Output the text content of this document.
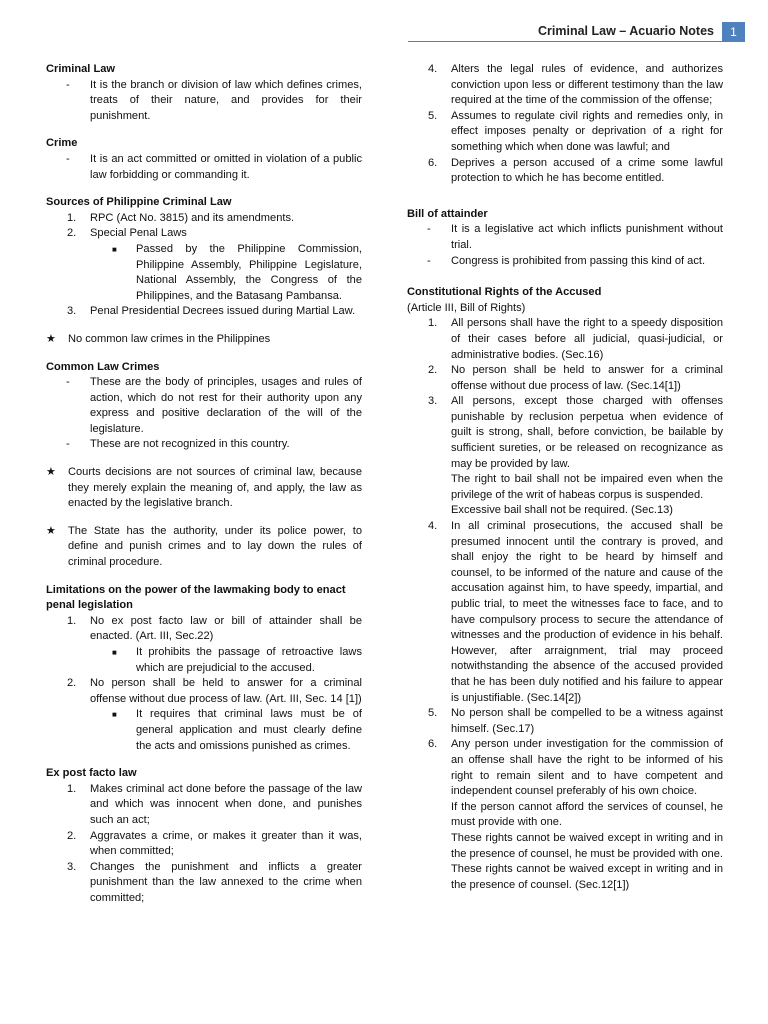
Criminal Law – Acuario Notes	1
Criminal Law
- It is the branch or division of law which defines crimes, treats of their nature, and provides for their punishment.
Crime
- It is an act committed or omitted in violation of a public law forbidding or commanding it.
Sources of Philippine Criminal Law
1. RPC (Act No. 3815) and its amendments.
2. Special Penal Laws
■ Passed by the Philippine Commission, Philippine Assembly, Philippine Legislature, National Assembly, the Congress of the Philippines, and the Batasang Pambansa.
3. Penal Presidential Decrees issued during Martial Law.
★ No common law crimes in the Philippines
Common Law Crimes
- These are the body of principles, usages and rules of action, which do not rest for their authority upon any express and positive declaration of the will of the legislature.
- These are not recognized in this country.
★ Courts decisions are not sources of criminal law, because they merely explain the meaning of, and apply, the law as enacted by the legislative branch.
★ The State has the authority, under its police power, to define and punish crimes and to lay down the rules of criminal procedure.
Limitations on the power of the lawmaking body to enact penal legislation
1. No ex post facto law or bill of attainder shall be enacted. (Art. III, Sec.22)
■ It prohibits the passage of retroactive laws which are prejudicial to the accused.
2. No person shall be held to answer for a criminal offense without due process of law. (Art. III, Sec. 14 [1])
■ It requires that criminal laws must be of general application and must clearly define the acts and omissions punished as crimes.
Ex post facto law
1. Makes criminal act done before the passage of the law and which was innocent when done, and punishes such an act;
2. Aggravates a crime, or makes it greater than it was, when committed;
3. Changes the punishment and inflicts a greater punishment than the law annexed to the crime when committed;
4. Alters the legal rules of evidence, and authorizes conviction upon less or different testimony than the law required at the time of the commission of the offense;
5. Assumes to regulate civil rights and remedies only, in effect imposes penalty or deprivation of a right for something which when done was lawful; and
6. Deprives a person accused of a crime some lawful protection to which he has become entitled.
Bill of attainder
- It is a legislative act which inflicts punishment without trial.
- Congress is prohibited from passing this kind of act.
Constitutional Rights of the Accused
(Article III, Bill of Rights)
1. All persons shall have the right to a speedy disposition of their cases before all judicial, quasi-judicial, or administrative bodies. (Sec.16)
2. No person shall be held to answer for a criminal offense without due process of law. (Sec.14[1])
3. All persons, except those charged with offenses punishable by reclusion perpetua when evidence of guilt is strong, shall, before conviction, be bailable by sufficient sureties, or be released on recognizance as may be provided by law.
The right to bail shall not be impaired even when the privilege of the writ of habeas corpus is suspended.
Excessive bail shall not be required. (Sec.13)
4. In all criminal prosecutions, the accused shall be presumed innocent until the contrary is proved, and shall enjoy the right to be heard by himself and counsel, to be informed of the nature and cause of the accusation against him, to have speedy, impartial, and public trial, to meet the witnesses face to face, and to have compulsory process to secure the attendance of witnesses and the production of evidence in his behalf. However, after arraignment, trial may proceed notwithstanding the absence of the accused provided that he has been duly notified and his failure to appear is unjustifiable. (Sec.14[2])
5. No person shall be compelled to be a witness against himself. (Sec.17)
6. Any person under investigation for the commission of an offense shall have the right to be informed of his right to remain silent and to have competent and independent counsel preferably of his own choice.
If the person cannot afford the services of counsel, he must provide with one.
These rights cannot be waived except in writing and in the presence of counsel, he must be provided with one.
These rights cannot be waived except in writing and in the presence of counsel. (Sec.12[1])
